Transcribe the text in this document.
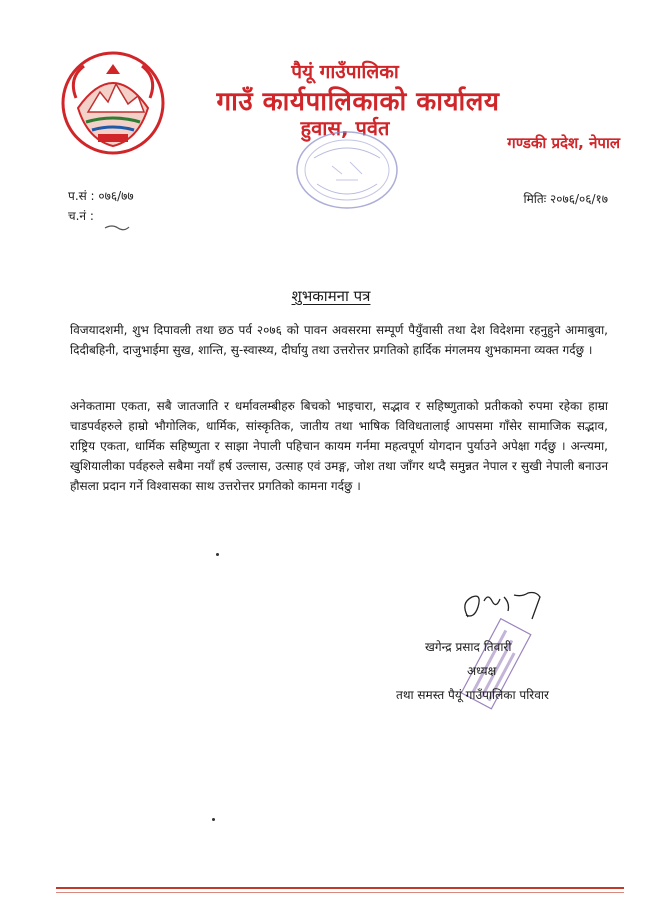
पैयूं गाउँपालिका
गाउँ कार्यपालिकाको कार्यालय
हुवास, पर्वत
गण्डकी प्रदेश, नेपाल
प.सं : ०७६/७७
च.नं :
मितिः २०७६/०६/१७
शुभकामना पत्र
विजयादशमी, शुभ दिपावली तथा छठ पर्व २०७६ को पावन अवसरमा सम्पूर्ण पैयुँवासी तथा देश विदेशमा रहनुहुने आमाबुवा, दिदीबहिनी, दाजुभाईमा सुख, शान्ति, सु-स्वास्थ्य, दीर्घायु तथा उत्तरोत्तर प्रगतिको हार्दिक मंगलमय शुभकामना व्यक्त गर्दछु ।
अनेकतामा एकता, सबै जातजाति र धर्मावलम्बीहरु बिचको भाइचारा, सद्भाव र सहिष्णुताको प्रतीकको रुपमा रहेका हाम्रा चाडपर्वहरुले हाम्रो भौगोलिक, धार्मिक, सांस्कृतिक, जातीय तथा भाषिक विविधतालाई आपसमा गाँसेर सामाजिक सद्भाव, राष्ट्रिय एकता, धार्मिक सहिष्णुता र साझा नेपाली पहिचान कायम गर्नमा महत्वपूर्ण योगदान पुर्याउने अपेक्षा गर्दछु । अन्त्यमा, खुशियालीका पर्वहरुले सबैमा नयाँ हर्ष उल्लास, उत्साह एवं उमङ्ग, जोश तथा जाँगर थप्दै समुन्नत नेपाल र सुखी नेपाली बनाउन हौसला प्रदान गर्ने विश्वासका साथ उत्तरोत्तर प्रगतिको कामना गर्दछु ।
खगेन्द्र प्रसाद तिवारी
अध्यक्ष
तथा समस्त पैयूं गाउँपालिका परिवार
